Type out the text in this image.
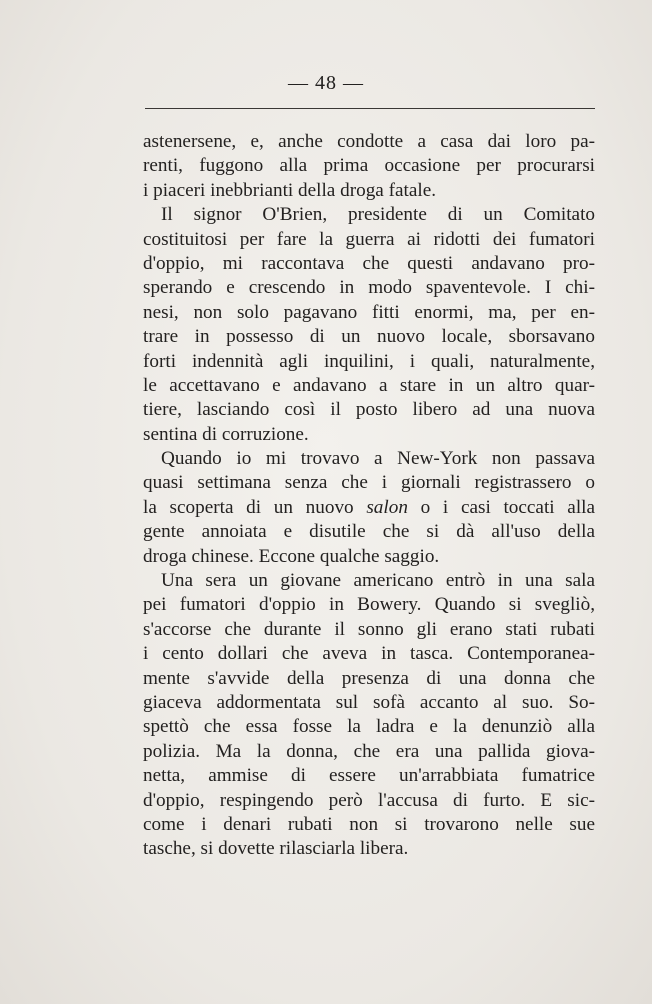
— 48 —
astenersene, e, anche condotte a casa dai loro pa-
renti, fuggono alla prima occasione per procurarsi
i piaceri inebbrianti della droga fatale.
Il signor O'Brien, presidente di un Comitato
costituitosi per fare la guerra ai ridotti dei fumatori
d'oppio, mi raccontava che questi andavano pro-
sperando e crescendo in modo spaventevole. I chi-
nesi, non solo pagavano fitti enormi, ma, per en-
trare in possesso di un nuovo locale, sborsavano
forti indennità agli inquilini, i quali, naturalmente,
le accettavano e andavano a stare in un altro quar-
tiere, lasciando così il posto libero ad una nuova
sentina di corruzione.
Quando io mi trovavo a New-York non passava
quasi settimana senza che i giornali registrassero o
la scoperta di un nuovo salon o i casi toccati alla
gente annoiata e disutile che si dà all'uso della
droga chinese. Eccone qualche saggio.
Una sera un giovane americano entrò in una sala
pei fumatori d'oppio in Bowery. Quando si svegliò,
s'accorse che durante il sonno gli erano stati rubati
i cento dollari che aveva in tasca. Contemporanea-
mente s'avvide della presenza di una donna che
giaceva addormentata sul sofà accanto al suo. So-
spettò che essa fosse la ladra e la denunziò alla
polizia. Ma la donna, che era una pallida giova-
netta, ammise di essere un'arrabbiata fumatrice
d'oppio, respingendo però l'accusa di furto. E sic-
come i denari rubati non si trovarono nelle sue
tasche, si dovette rilasciarla libera.
